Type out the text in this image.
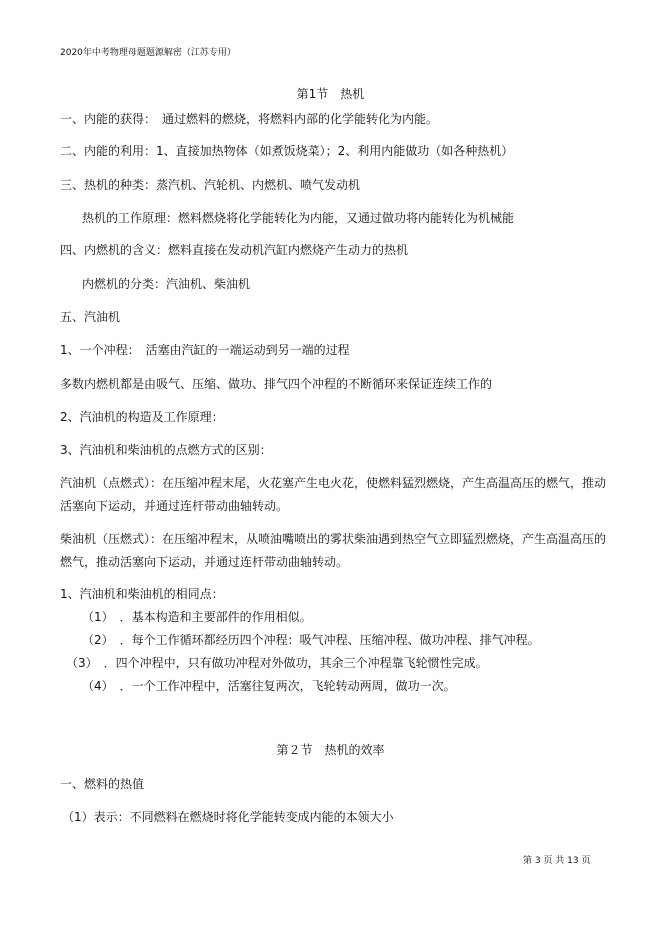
2020年中考物理母题题源解密（江苏专用）
第1节　热机
一、内能的获得：　通过燃料的燃烧，将燃料内部的化学能转化为内能。
二、内能的利用：1、直接加热物体（如煮饭烧菜）；2、利用内能做功（如各种热机）
三、热机的种类：蒸汽机、汽轮机、内燃机、喷气发动机
热机的工作原理：燃料燃烧将化学能转化为内能，又通过做功将内能转化为机械能
四、内燃机的含义：燃料直接在发动机汽缸内燃烧产生动力的热机
内燃机的分类：汽油机、柴油机
五、汽油机
1、一个冲程：　活塞由汽缸的一端运动到另一端的过程
多数内燃机都是由吸气、压缩、做功、排气四个冲程的不断循环来保证连续工作的
2、汽油机的构造及工作原理：
3、汽油机和柴油机的点燃方式的区别：
汽油机（点燃式）：在压缩冲程末尾，火花塞产生电火花，使燃料猛烈燃烧，产生高温高压的燃气，推动
活塞向下运动，并通过连杆带动曲轴转动。
柴油机（压燃式）：在压缩冲程末，从喷油嘴喷出的雾状柴油遇到热空气立即猛烈燃烧，产生高温高压的
燃气，推动活塞向下运动，并通过连杆带动曲轴转动。
1、汽油机和柴油机的相同点：
（1）　．基本构造和主要部件的作用相似。
（2）　．每个工作循环都经历四个冲程：吸气冲程、压缩冲程、做功冲程、排气冲程。
（3）　．四个冲程中，只有做功冲程对外做功，其余三个冲程靠飞轮惯性完成。
（4）　．一个工作冲程中，活塞往复两次，飞轮转动两周，做功一次。
第２节　热机的效率
一、燃料的热值
（1）表示：不同燃料在燃烧时将化学能转变成内能的本领大小
第 3 页 共 13 页
